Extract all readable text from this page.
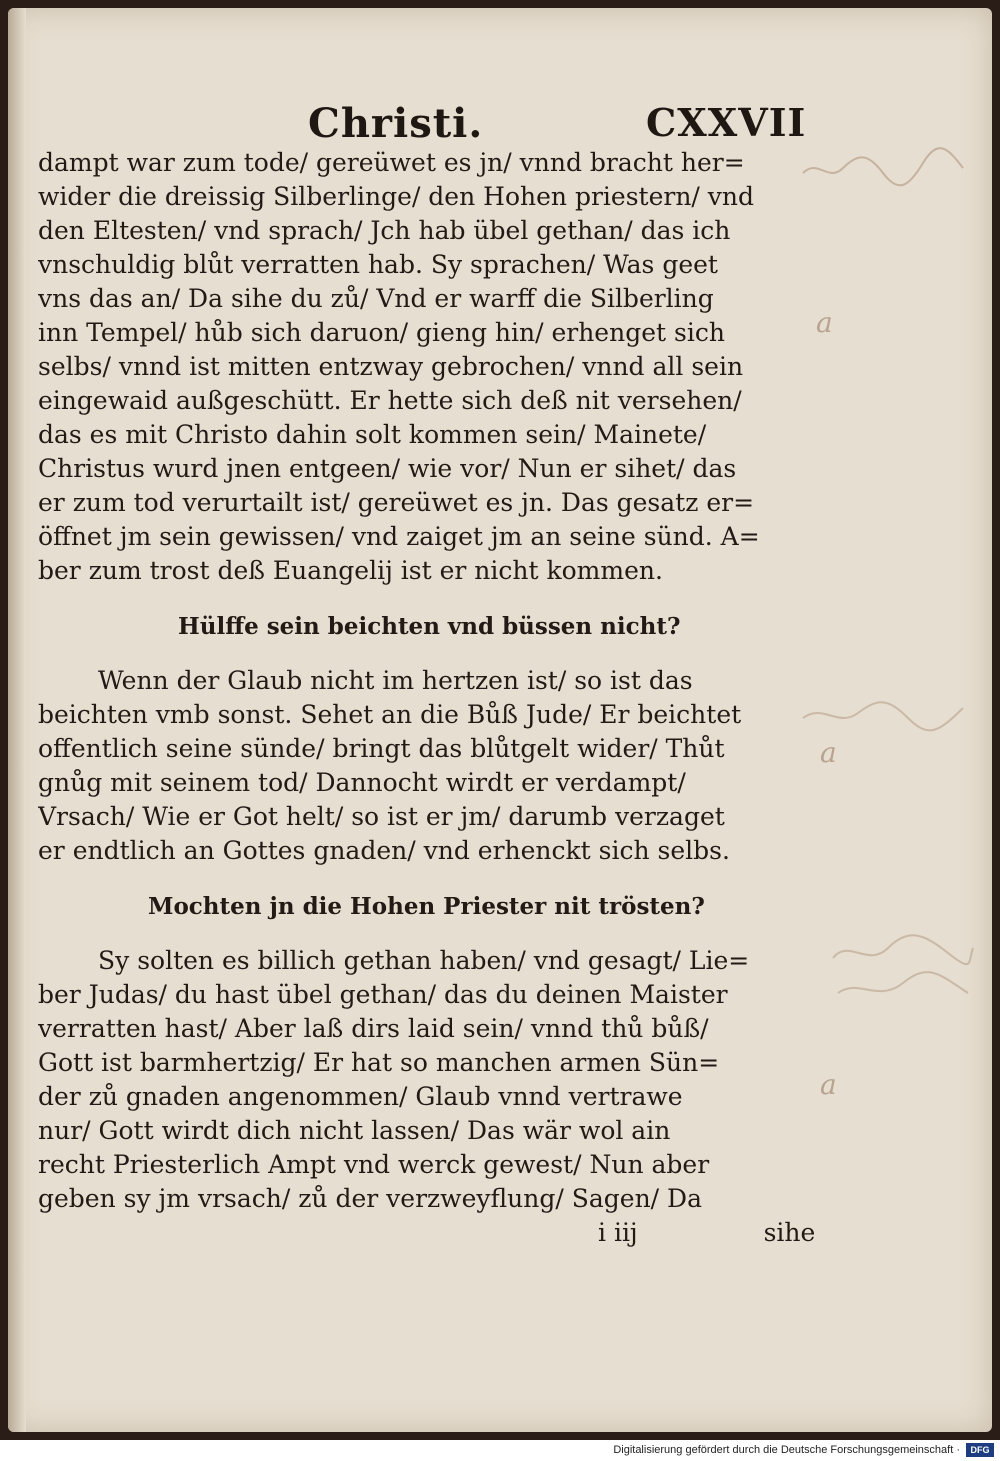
Christi.	CXXVII
dampt war zum tode/ gereüwet es jn/ vnnd bracht her=
wider die dreissig Silberlinge/ den Hohen priestern/ vnd
den Eltesten/ vnd sprach/ Jch hab übel gethan/ das ich
vnschuldig blůt verratten hab. Sy sprachen/ Was geet
vns das an/ Da sihe du zů/ Vnd er warff die Silberling
inn Tempel/ hůb sich daruon/ gieng hin/ erhenget sich
selbs/ vnnd ist mitten entzway gebrochen/ vnnd all sein
eingewaid außgeschütt. Er hette sich deß nit versehen/
das es mit Christo dahin solt kommen sein/ Mainete/
Christus wurd jnen entgeen/ wie vor/ Nun er sihet/ das
er zum tod verurtailt ist/ gereüwet es jn. Das gesatz er=
öffnet jm sein gewissen/ vnd zaiget jm an seine sünd. A=
ber zum trost deß Euangelij ist er nicht kommen.
Hülffe sein beichten vnd büssen nicht?
Wenn der Glaub nicht im hertzen ist/ so ist das
beichten vmb sonst. Sehet an die Bůß Jude/ Er beichtet
offentlich seine sünde/ bringt das blůtgelt wider/ Thůt
gnůg mit seinem tod/ Dannocht wirdt er verdampt/
Vrsach/ Wie er Got helt/ so ist er jm/ darumb verzaget
er endtlich an Gottes gnaden/ vnd erhenckt sich selbs.
Mochten jn die Hohen Priester nit trösten?
Sy solten es billich gethan haben/ vnd gesagt/ Lie=
ber Judas/ du hast übel gethan/ das du deinen Maister
verratten hast/ Aber laß dirs laid sein/ vnnd thů bůß/
Gott ist barmhertzig/ Er hat so manchen armen Sün=
der zů gnaden angenommen/ Glaub vnnd vertrawe
nur/ Gott wirdt dich nicht lassen/ Das wär wol ain
recht Priesterlich Ampt vnd werck gewest/ Nun aber
geben sy jm vrsach/ zů der verzweyflung/ Sagen/ Da
i iij	sihe
a
a
a
Digitalisierung gefördert durch die Deutsche Forschungsgemeinschaft ·	DFG
